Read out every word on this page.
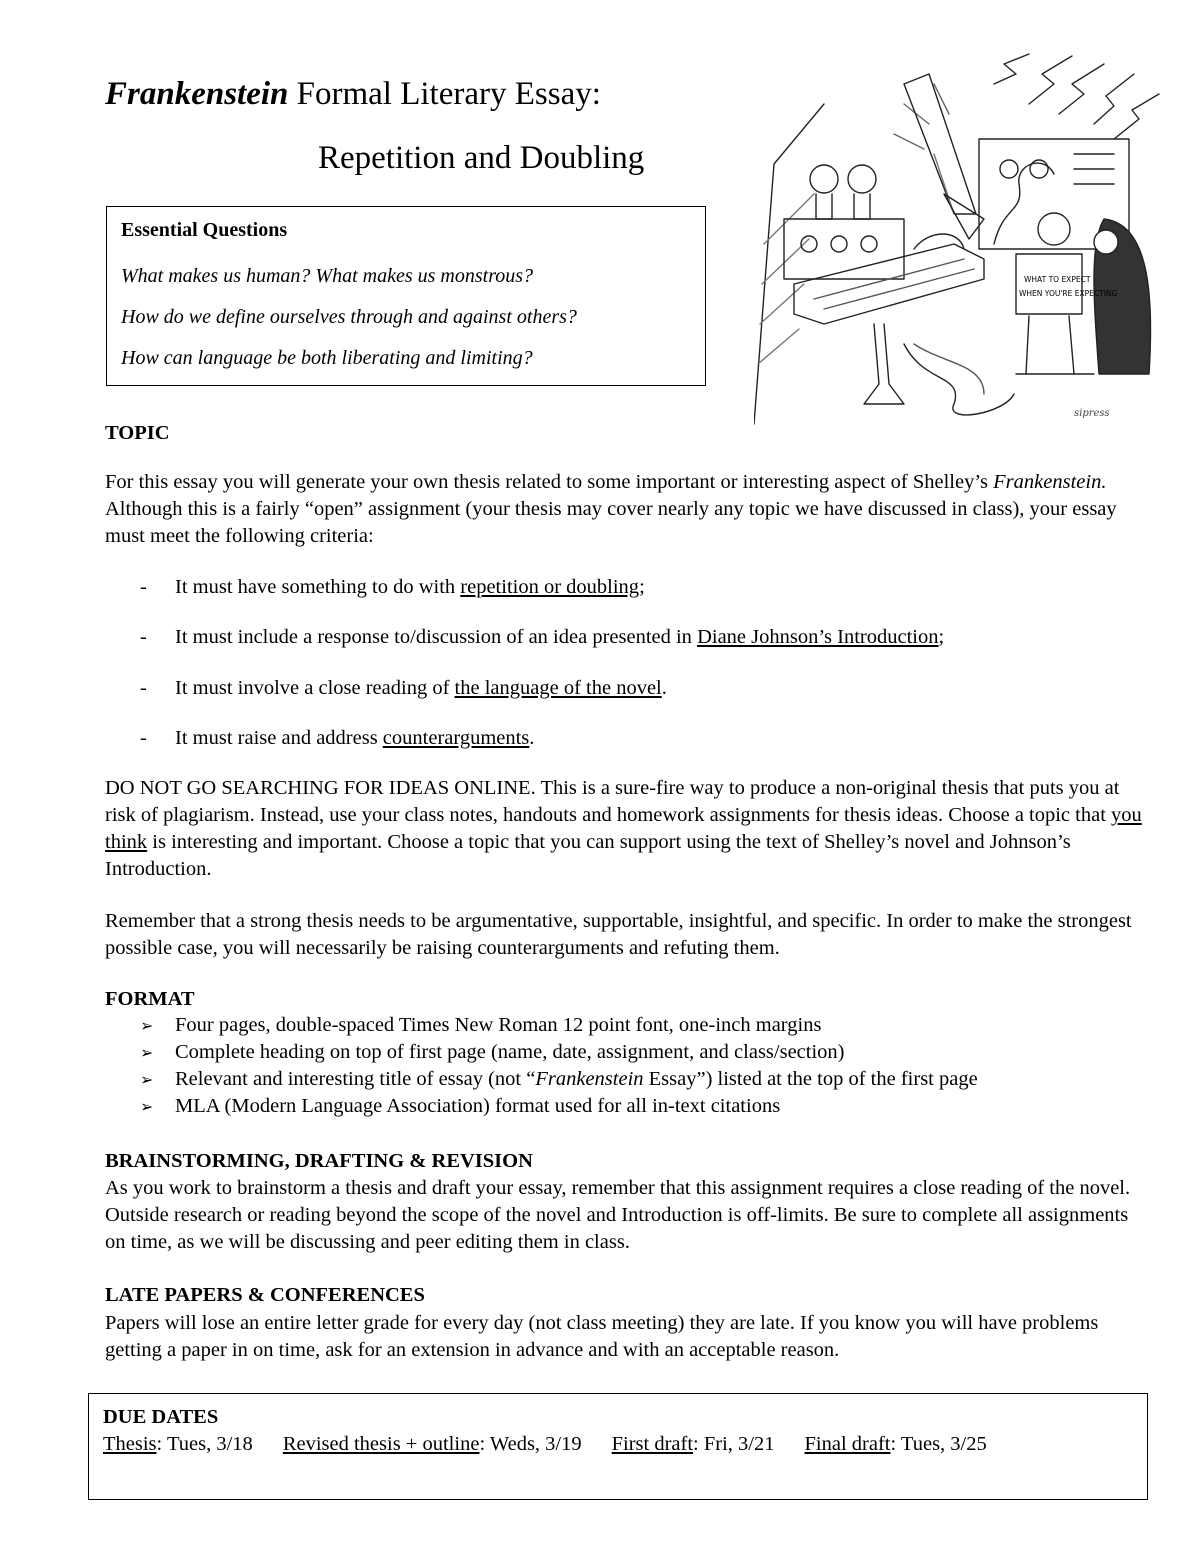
Frankenstein Formal Literary Essay:
Repetition and Doubling
Essential Questions
What makes us human? What makes us monstrous?
How do we define ourselves through and against others?
How can language be both liberating and limiting?
WHAT TO EXPECT
WHEN YOU'RE EXPECTING
sipress
TOPIC
For this essay you will generate your own thesis related to some important or interesting aspect of Shelley’s Frankenstein. Although this is a fairly “open” assignment (your thesis may cover nearly any topic we have discussed in class), your essay must meet the following criteria:
- It must have something to do with repetition or doubling;
- It must include a response to/discussion of an idea presented in Diane Johnson’s Introduction;
- It must involve a close reading of the language of the novel.
- It must raise and address counterarguments.
DO NOT GO SEARCHING FOR IDEAS ONLINE. This is a sure-fire way to produce a non-original thesis that puts you at risk of plagiarism. Instead, use your class notes, handouts and homework assignments for thesis ideas. Choose a topic that you think is interesting and important. Choose a topic that you can support using the text of Shelley’s novel and Johnson’s Introduction.
Remember that a strong thesis needs to be argumentative, supportable, insightful, and specific. In order to make the strongest possible case, you will necessarily be raising counterarguments and refuting them.
FORMAT
➢ Four pages, double-spaced Times New Roman 12 point font, one-inch margins
➢ Complete heading on top of first page (name, date, assignment, and class/section)
➢ Relevant and interesting title of essay (not “Frankenstein Essay”) listed at the top of the first page
➢ MLA (Modern Language Association) format used for all in-text citations
BRAINSTORMING, DRAFTING & REVISION
As you work to brainstorm a thesis and draft your essay, remember that this assignment requires a close reading of the novel. Outside research or reading beyond the scope of the novel and Introduction is off-limits. Be sure to complete all assignments on time, as we will be discussing and peer editing them in class.
LATE PAPERS & CONFERENCES
Papers will lose an entire letter grade for every day (not class meeting) they are late. If you know you will have problems getting a paper in on time, ask for an extension in advance and with an acceptable reason.
DUE DATES
Thesis: Tues, 3/18 Revised thesis + outline: Weds, 3/19 First draft: Fri, 3/21 Final draft: Tues, 3/25
